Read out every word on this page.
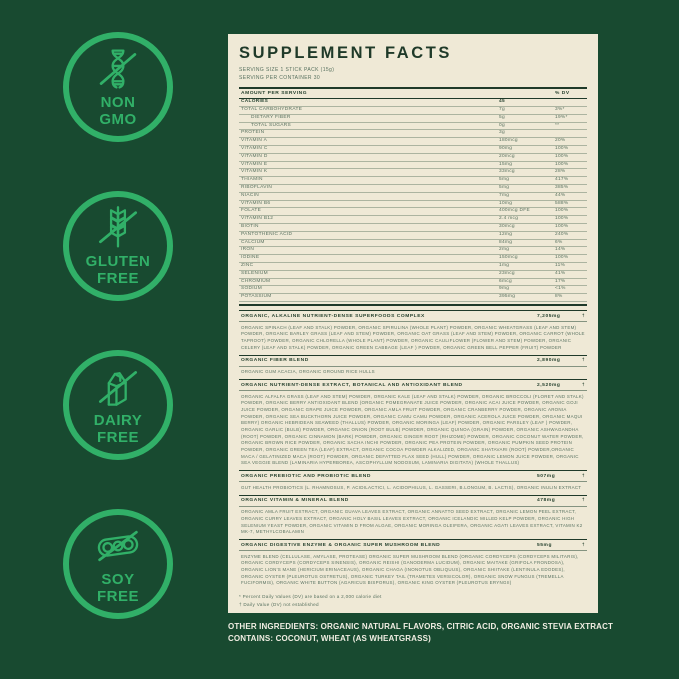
NON
GMO
GLUTEN
FREE
DAIRY
FREE
SOY
FREE
SUPPLEMENT FACTS
SERVING SIZE 1 STICK PACK (15g)
SERVING PER CONTAINER 30
AMOUNT PER SERVING	% DV
CALORIES	45
TOTAL CARBOHYDRATE	7g	3%*
DIETARY FIBER	5g	19%*
TOTAL SUGARS	0g	**
PROTEIN	3g
VITAMIN A	180mcg	20%
VITAMIN C	90mg	100%
VITAMIN D	20mcg	100%
VITAMIN E	15mg	100%
VITAMIN K	33mcg	28%
THIAMIN	5mg	417%
RIBOFLAVIN	5mg	385%
NIACIN	7mg	44%
VITAMIN B6	10mg	588%
FOLATE	400mcg DFE	100%
VITAMIN B12	2.4 mcg	100%
BIOTIN	30mcg	100%
PANTOTHENIC ACID	12mg	240%
CALCIUM	84mg	6%
IRON	2mg	14%
IODINE	150mcg	100%
ZINC	1mg	11%
SELENIUM	23mcg	41%
CHROMIUM	6mcg	17%
SODIUM	9mg	<1%
POTASSIUM	395mg	8%
ORGANIC, ALKALINE NUTRIENT-DENSE SUPERFOODS COMPLEX	7,205mg	†
ORGANIC SPINACH (LEAF AND STALK) POWDER, ORGANIC SPIRULINA (WHOLE PLANT) POWDER, ORGANIC WHEATGRASS (LEAF AND STEM) POWDER, ORGANIC BARLEY GRASS (LEAF AND STEM) POWDER, ORGANIC OAT GRASS (LEAF AND STEM) POWDER, ORGANIC CARROT (WHOLE TAPROOT) POWDER, ORGANIC CHLORELLA (WHOLE PLANT) POWDER, ORGANIC CAULIFLOWER (FLOWER AND STEM) POWDER, ORGANIC CELERY (LEAF AND STALK) POWDER, ORGANIC GREEN CABBAGE (LEAF ) POWDER, ORGANIC GREEN BELL PEPPER (FRUIT) POWDER
ORGANIC FIBER BLEND	2,890mg	†
ORGANIC GUM ACACIA, ORGANIC GROUND RICE HULLS
ORGANIC NUTRIENT-DENSE EXTRACT, BOTANICAL AND ANTIOXIDANT BLEND	2,520mg	†
ORGANIC ALFALFA GRASS (LEAF AND STEM) POWDER, ORGANIC KALE (LEAF AND STALK) POWDER, ORGANIC BROCCOLI (FLORET AND STALK) POWDER, ORGANIC BERRY ANTIOXIDANT BLEND (ORGANIC POMEGRANATE JUICE POWDER, ORGANIC ACAI JUICE POWDER, ORGANIC GOJI JUICE POWDER, ORGANIC GRAPE JUICE POWDER, ORGANIC AMLA FRUIT POWDER, ORGANIC CRANBERRY POWDER, ORGANIC ARONIA POWDER, ORGANIC SEA BUCKTHORN JUICE POWDER, ORGANIC CAMU CAMU POWDER, ORGANIC ACEROLA JUICE POWDER, ORGANIC MAQUI BERRY) ORGANIC HEBRIDEAN SEAWEED (THALLUS) POWDER, ORGANIC MORINGA (LEAF) POWDER, ORGANIC PARSLEY (LEAF ) POWDER, ORGANIC GARLIC (BULB) POWDER, ORGANIC ONION (ROOT BULB) POWDER, ORGANIC QUINOA (GRAIN) POWDER, ORGANIC ASHWAGANDHA (ROOT) POWDER, ORGANIC CINNAMON (BARK) POWDER, ORGANIC GINGER ROOT (RHIZOME) POWDER, ORGANIC COCONUT WATER POWDER, ORGANIC BROWN RICE POWDER, ORGANIC SACHA INCHI POWDER, ORGANIC PEA PROTEIN POWDER, ORGANIC PUMPKIN SEED PROTEIN POWDER, ORGANIC GREEN TEA (LEAF) EXTRACT, ORGANIC COCOA POWDER ALKALIZED, ORGANIC SHATAVARI (ROOT) POWDER,ORGANIC MACA / GELATINIZED MACA (ROOT) POWDER, ORGANIC DEFATTED FLAX SEED (HULL) POWDER, ORGANIC LEMON JUICE POWDER, ORGANIC SEA VEGGIE BLEND (LAMINARIA HYPERBOREA, ASCOPHYLLUM NODOSUM, LAMINARIA DIGITATA) (WHOLE THALLUS)
ORGANIC PREBIOTIC AND PROBIOTIC BLEND	507mg	†
GUT HEALTH PROBIOTICS (L. RHAMNOSUS, P. ACIDILACTICI, L. ACIDOPHILUS, L. GASSERI, B.LONGUM, B. LACTIS), ORGANIC INULIN EXTRACT
ORGANIC VITAMIN & MINERAL BLEND	478mg	†
ORGANIC AMLA FRUIT EXTRACT, ORGANIC GUAVA LEAVES EXTRACT, ORGANIC ANNATTO SEED EXTRACT, ORGANIC LEMON PEEL EXTRACT, ORGANIC CURRY LEAVES EXTRACT, ORGANIC HOLY BASIL LEAVES EXTRACT, ORGANIC ICELANDIC MILLED KELP POWDER, ORGANIC HIGH SELENIUM YEAST POWDER, ORGANIC VITAMIN D FROM ALGAE, ORGANIC MORINGA OLEIFERA, ORGANIC AGATI LEAVES EXTRACT, VITAMIN K2 MK-7, METHYLCOBALAMIN
ORGANIC DIGESTIVE ENZYME & ORGANIC SUPER MUSHROOM BLEND	55mg	†
ENZYME BLEND (CELLULASE, AMYLASE, PROTEASE) ORGANIC SUPER MUSHROOM BLEND (ORGANIC CORDYCEPS (CORDYCEPS MILITARIS), ORGANIC CORDYCEPS (CORDYCEPS SINENSIS), ORGANIC REISHI (GANODERMA LUCIDUM), ORGANIC MAITAKE (GRIFOLA FRONDOSA), ORGANIC LION'S MANE (HERICIUM ERINACEAUS), ORGANIC CHAGA (INONOTUS OBLIQUUS), ORGANIC SHIITAKE (LENTINULA EDODES), ORGANIC OYSTER (PLEUROTUS OSTRETUS), ORGANIC TURKEY TAIL (TRAMETES VERSICOLOR), ORGANIC SNOW FUNGUS (TREMELLA FUCIFORMIS), ORGANIC WHITE BUTTON (AGARICUS BISPORUS), ORGANIC KING OYSTER (PLEUROTUS ERYNGII)
* Percent Daily Values (DV) are based on a 2,000 calorie diet
† Daily Value (DV) not established
OTHER INGREDIENTS: ORGANIC NATURAL FLAVORS, CITRIC ACID, ORGANIC STEVIA EXTRACT
CONTAINS: COCONUT, WHEAT (AS WHEATGRASS)
